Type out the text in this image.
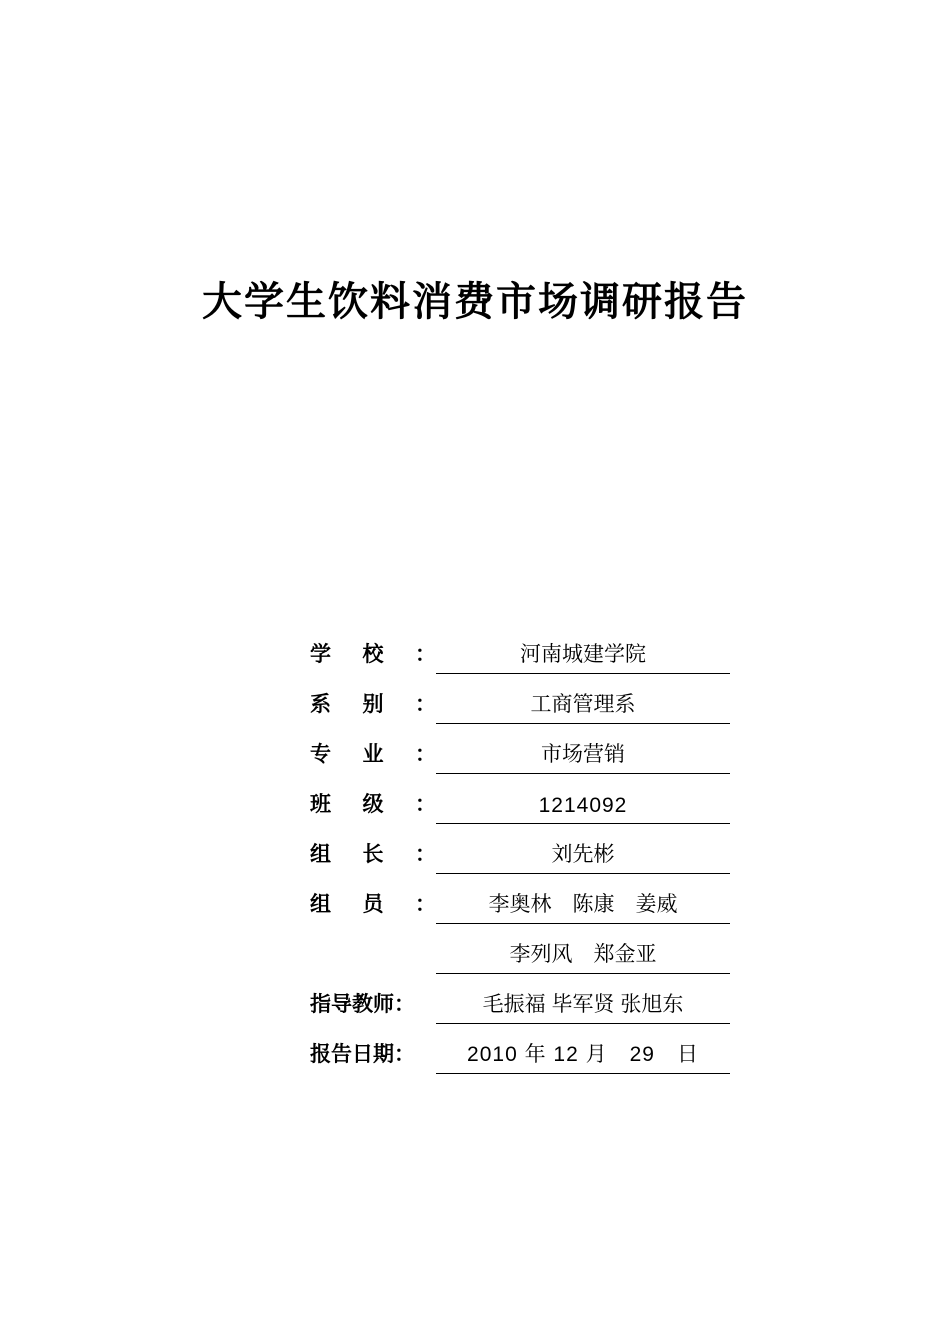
大学生饮料消费市场调研报告
学 校 ：	河南城建学院
系 别 ：	工商管理系
专 业 ：	市场营销
班 级 ：	1214092
组 长 ：	刘先彬
组 员 ：	李奥林　陈康　姜威
李列风　郑金亚
指导教师：	毛振福 毕军贤 张旭东
报告日期：	2010 年 12 月　29　日
